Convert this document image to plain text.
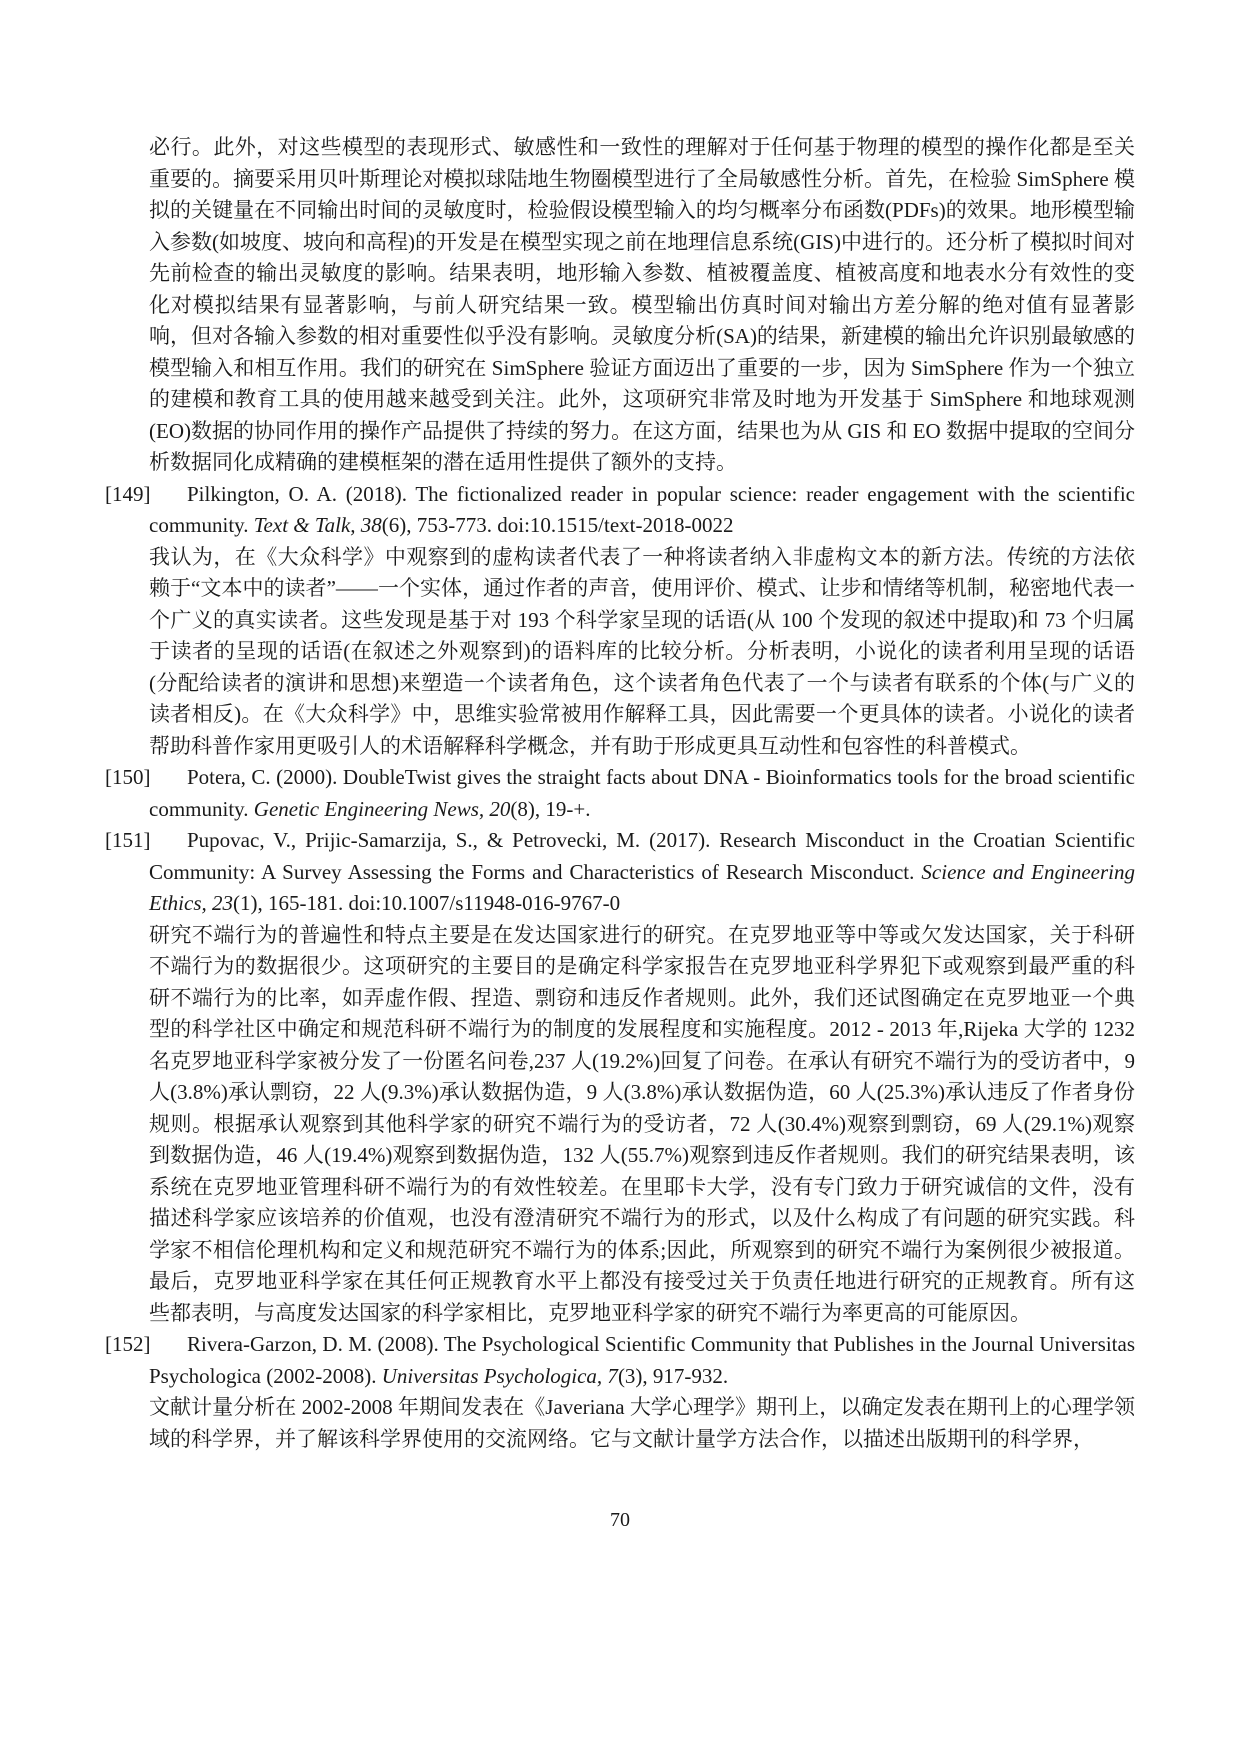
必行。此外，对这些模型的表现形式、敏感性和一致性的理解对于任何基于物理的模型的操作化都是至关重要的。摘要采用贝叶斯理论对模拟球陆地生物圈模型进行了全局敏感性分析。首先，在检验 SimSphere 模拟的关键量在不同输出时间的灵敏度时，检验假设模型输入的均匀概率分布函数(PDFs)的效果。地形模型输入参数(如坡度、坡向和高程)的开发是在模型实现之前在地理信息系统(GIS)中进行的。还分析了模拟时间对先前检查的输出灵敏度的影响。结果表明，地形输入参数、植被覆盖度、植被高度和地表水分有效性的变化对模拟结果有显著影响，与前人研究结果一致。模型输出仿真时间对输出方差分解的绝对值有显著影响，但对各输入参数的相对重要性似乎没有影响。灵敏度分析(SA)的结果，新建模的输出允许识别最敏感的模型输入和相互作用。我们的研究在 SimSphere 验证方面迈出了重要的一步，因为 SimSphere 作为一个独立的建模和教育工具的使用越来越受到关注。此外，这项研究非常及时地为开发基于 SimSphere 和地球观测(EO)数据的协同作用的操作产品提供了持续的努力。在这方面，结果也为从 GIS 和 EO 数据中提取的空间分析数据同化成精确的建模框架的潜在适用性提供了额外的支持。

[149]	Pilkington, O. A. (2018). The fictionalized reader in popular science: reader engagement with the scientific community. Text & Talk, 38(6), 753-773. doi:10.1515/text-2018-0022

我认为，在《大众科学》中观察到的虚构读者代表了一种将读者纳入非虚构文本的新方法。传统的方法依赖于“文本中的读者”——一个实体，通过作者的声音，使用评价、模式、让步和情绪等机制，秘密地代表一个广义的真实读者。这些发现是基于对 193 个科学家呈现的话语(从 100 个发现的叙述中提取)和 73 个归属于读者的呈现的话语(在叙述之外观察到)的语料库的比较分析。分析表明，小说化的读者利用呈现的话语(分配给读者的演讲和思想)来塑造一个读者角色，这个读者角色代表了一个与读者有联系的个体(与广义的读者相反)。在《大众科学》中，思维实验常被用作解释工具，因此需要一个更具体的读者。小说化的读者帮助科普作家用更吸引人的术语解释科学概念，并有助于形成更具互动性和包容性的科普模式。

[150]	Potera, C. (2000). DoubleTwist gives the straight facts about DNA - Bioinformatics tools for the broad scientific community. Genetic Engineering News, 20(8), 19-+.

[151]	Pupovac, V., Prijic-Samarzija, S., & Petrovecki, M. (2017). Research Misconduct in the Croatian Scientific Community: A Survey Assessing the Forms and Characteristics of Research Misconduct. Science and Engineering Ethics, 23(1), 165-181. doi:10.1007/s11948-016-9767-0

研究不端行为的普遍性和特点主要是在发达国家进行的研究。在克罗地亚等中等或欠发达国家，关于科研不端行为的数据很少。这项研究的主要目的是确定科学家报告在克罗地亚科学界犯下或观察到最严重的科研不端行为的比率，如弄虚作假、捏造、剽窃和违反作者规则。此外，我们还试图确定在克罗地亚一个典型的科学社区中确定和规范科研不端行为的制度的发展程度和实施程度。2012 - 2013 年,Rijeka 大学的 1232 名克罗地亚科学家被分发了一份匿名问卷,237 人(19.2%)回复了问卷。在承认有研究不端行为的受访者中，9 人(3.8%)承认剽窃，22 人(9.3%)承认数据伪造，9 人(3.8%)承认数据伪造，60 人(25.3%)承认违反了作者身份规则。根据承认观察到其他科学家的研究不端行为的受访者，72 人(30.4%)观察到剽窃，69 人(29.1%)观察到数据伪造，46 人(19.4%)观察到数据伪造，132 人(55.7%)观察到违反作者规则。我们的研究结果表明，该系统在克罗地亚管理科研不端行为的有效性较差。在里耶卡大学，没有专门致力于研究诚信的文件，没有描述科学家应该培养的价值观，也没有澄清研究不端行为的形式，以及什么构成了有问题的研究实践。科学家不相信伦理机构和定义和规范研究不端行为的体系;因此，所观察到的研究不端行为案例很少被报道。最后，克罗地亚科学家在其任何正规教育水平上都没有接受过关于负责任地进行研究的正规教育。所有这些都表明，与高度发达国家的科学家相比，克罗地亚科学家的研究不端行为率更高的可能原因。

[152]	Rivera-Garzon, D. M. (2008). The Psychological Scientific Community that Publishes in the Journal Universitas Psychologica (2002-2008). Universitas Psychologica, 7(3), 917-932.

文献计量分析在 2002-2008 年期间发表在《Javeriana 大学心理学》期刊上，以确定发表在期刊上的心理学领域的科学界，并了解该科学界使用的交流网络。它与文献计量学方法合作，以描述出版期刊的科学界，

70
